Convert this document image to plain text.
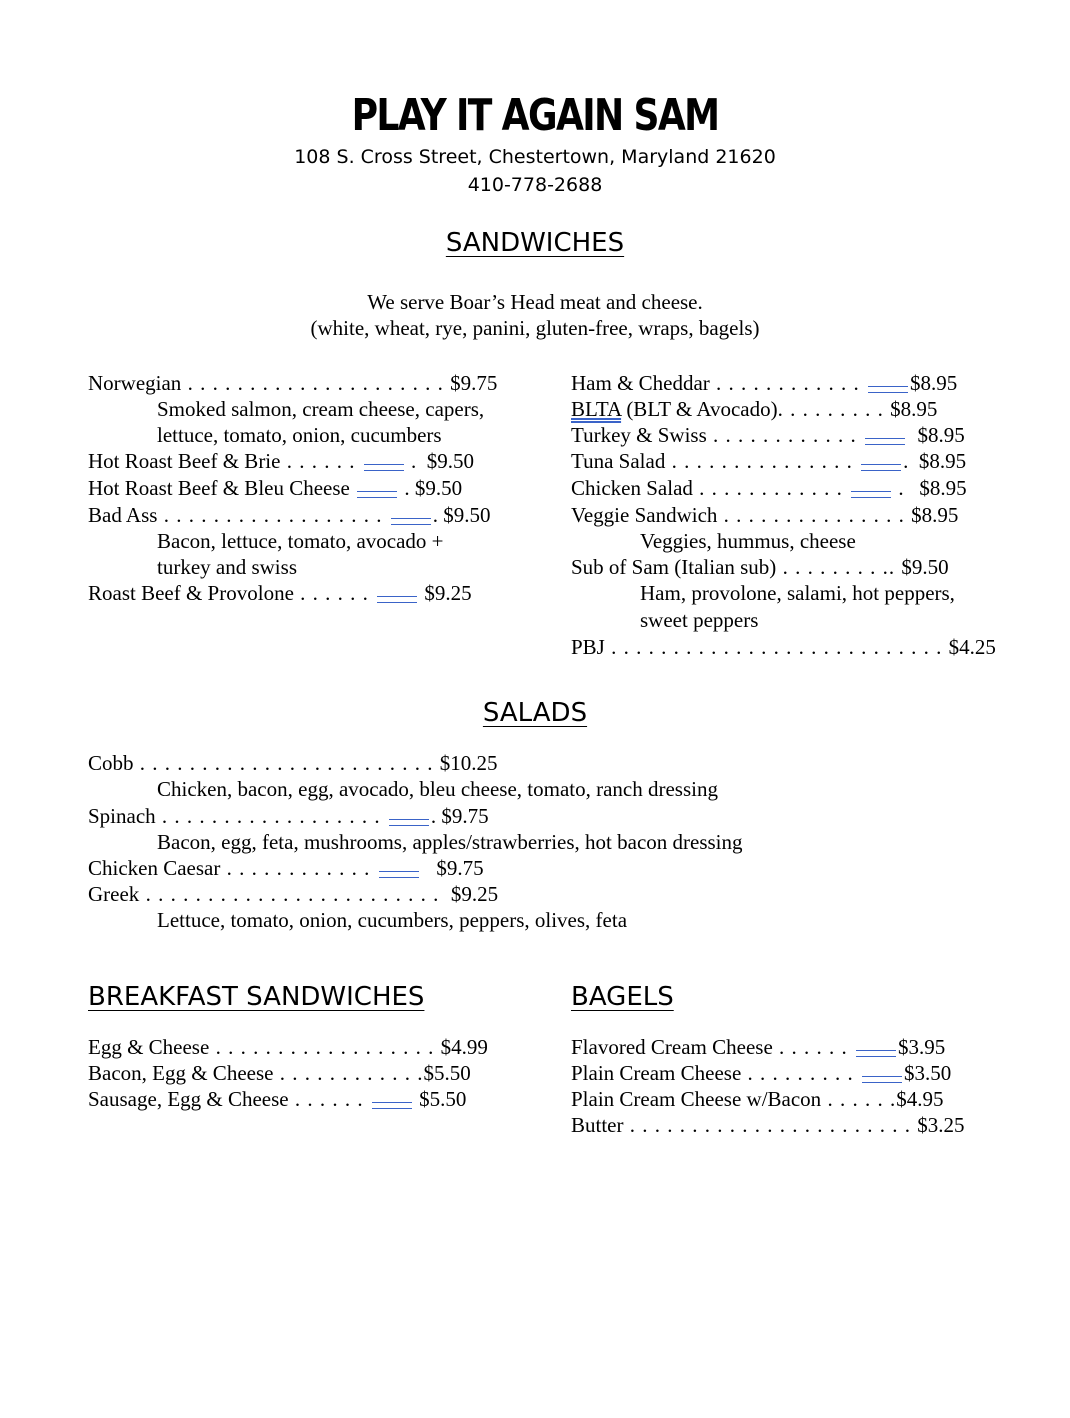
PLAY IT AGAIN SAM
108 S. Cross Street, Chestertown, Maryland 21620
410-778-2688
SANDWICHES
We serve Boar’s Head meat and cheese.
(white, wheat, rye, panini, gluten-free, wraps, bagels)
Norwegian . . . . . . . . . . . . . . . . . . . . . $9.75
Smoked salmon, cream cheese, capers,
lettuce, tomato, onion, cucumbers
Hot Roast Beef & Brie . . . . . .  .  $9.50
Hot Roast Beef & Bleu Cheese  . $9.50
Bad Ass . . . . . . . . . . . . . . . . . . . $9.50
Bacon, lettuce, tomato, avocado +
turkey and swiss
Roast Beef & Provolone . . . . . .  $9.25
Ham & Cheddar . . . . . . . . . . . . $8.95
BLTA (BLT & Avocado). . . . . . . . . $8.95
Turkey & Swiss . . . . . . . . . . . .	$8.95
Tuna Salad . . . . . . . . . . . . . . . .  $8.95
Chicken Salad . . . . . . . . . . . .  .   $8.95
Veggie Sandwich . . . . . . . . . . . . . . . $8.95
Veggies, hummus, cheese
Sub of Sam (Italian sub) . . . . . . . . .. $9.50
Ham, provolone, salami, hot peppers,
sweet peppers
PBJ . . . . . . . . . . . . . . . . . . . . . . . . . . . $4.25
SALADS
Cobb . . . . . . . . . . . . . . . . . . . . . . . . $10.25
Chicken, bacon, egg, avocado, bleu cheese, tomato, ranch dressing
Spinach . . . . . . . . . . . . . . . . . . . $9.75
Bacon, egg, feta, mushrooms, apples/strawberries, hot bacon dressing
Chicken Caesar . . . . . . . . . . . .	$9.75
Greek . . . . . . . . . . . . . . . . . . . . . . . .  $9.25
Lettuce, tomato, onion, cucumbers, peppers, olives, feta
BREAKFAST SANDWICHES
Egg & Cheese . . . . . . . . . . . . . . . . . . $4.99
Bacon, Egg & Cheese . . . . . . . . . . . .$5.50
Sausage, Egg & Cheese . . . . . .  $5.50
BAGELS
Flavored Cream Cheese . . . . . . $3.95
Plain Cream Cheese . . . . . . . . . $3.50
Plain Cream Cheese w/Bacon . . . . . .$4.95
Butter . . . . . . . . . . . . . . . . . . . . . . . $3.25
